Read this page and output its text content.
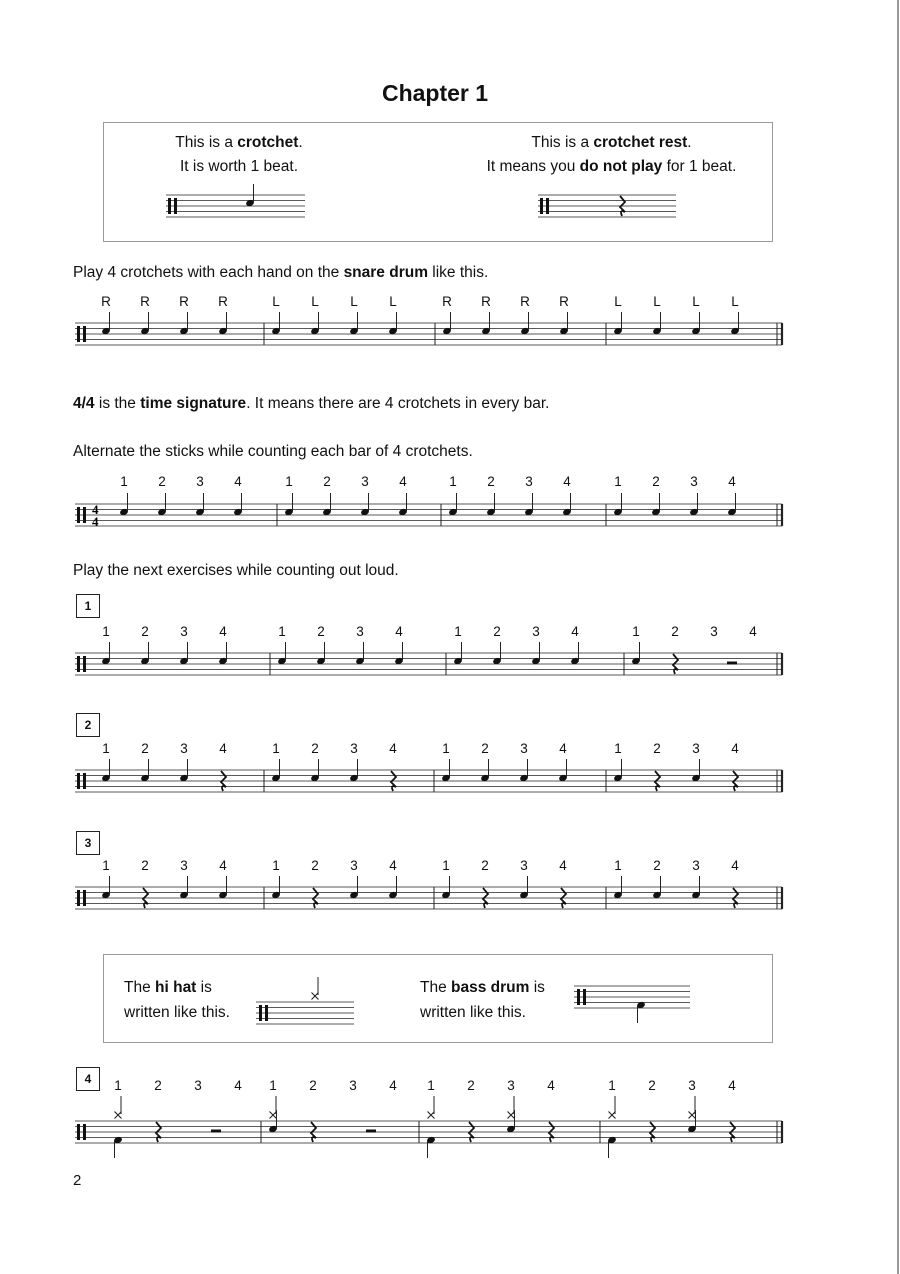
Chapter 1
This is a crotchet.
It is worth 1 beat.
This is a crotchet rest.
It means you do not play for 1 beat.
Play 4 crotchets with each hand on the snare drum like this.
4/4 is the time signature. It means there are 4 crotchets in every bar.
Alternate the sticks while counting each bar of 4 crotchets.
Play the next exercises while counting out loud.
1
2
3
4
The hi hat is
written like this.
The bass drum is
written like this.
2
R R R R	L	L	L	L	R R R R	L	L	L	L
1	2	3	4	1	2	3	4	1	2	3	4	1	2	3	4
1	2	3	4	1	2	3	4	1	2	3	4	1	2	3	4
1	2	3	4	1	2	3	4	1	2	3	4	1	2	3	4
1	2	3	4	1	2	3	4	1	2	3	4	1	2	3	4
1	2	3	4	1	2	3	4	1	2	3	4	1	2	3	4
4
4
